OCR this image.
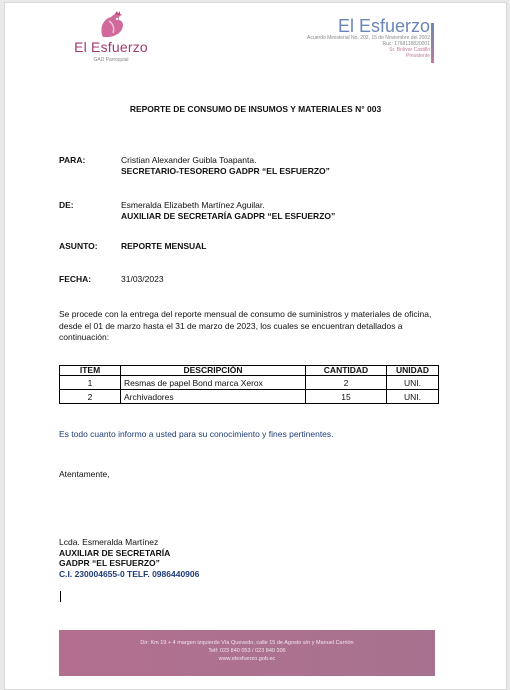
El Esfuerzo
GAD Parroquial
El Esfuerzo
Acuerdo Ministerial No. 202, 15 de Noviembre del 2002
Ruc: 1768118820001
Sr. Bolívar Castillo
Presidente
REPORTE DE CONSUMO DE INSUMOS Y MATERIALES N° 003
PARA:	Cristian Alexander Guibla Toapanta.
SECRETARIO-TESORERO GADPR “EL ESFUERZO”
DE:	Esmeralda Elizabeth Martínez Aguilar.
AUXILIAR DE SECRETARÍA GADPR “EL ESFUERZO”
ASUNTO:	REPORTE MENSUAL
FECHA:	31/03/2023
Se procede con la entrega del reporte mensual de consumo de suministros y materiales de oficina, desde el 01 de marzo hasta el 31 de marzo de 2023, los cuales se encuentran detallados a continuación:
ITEM	DESCRIPCIÓN	CANTIDAD	UNIDAD
1	Resmas de papel Bond marca Xerox	2	UNI.
2	Archivadores	15	UNI.
Es todo cuanto informo a usted para su conocimiento y fines pertinentes.
Atentamente,
Lcda. Esmeralda Martínez
AUXILIAR DE SECRETARÍA
GADPR “EL ESFUERZO”
C.I. 230004655-0 TELF. 0986440906
Dir: Km 19 + 4 margen izquierdo Vía Quevedo, calle 15 de Agosto s/n y Manuel Carrión
Telf: 023 840 053 / 023 840 306
www.elesfuerzo.gob.ec
